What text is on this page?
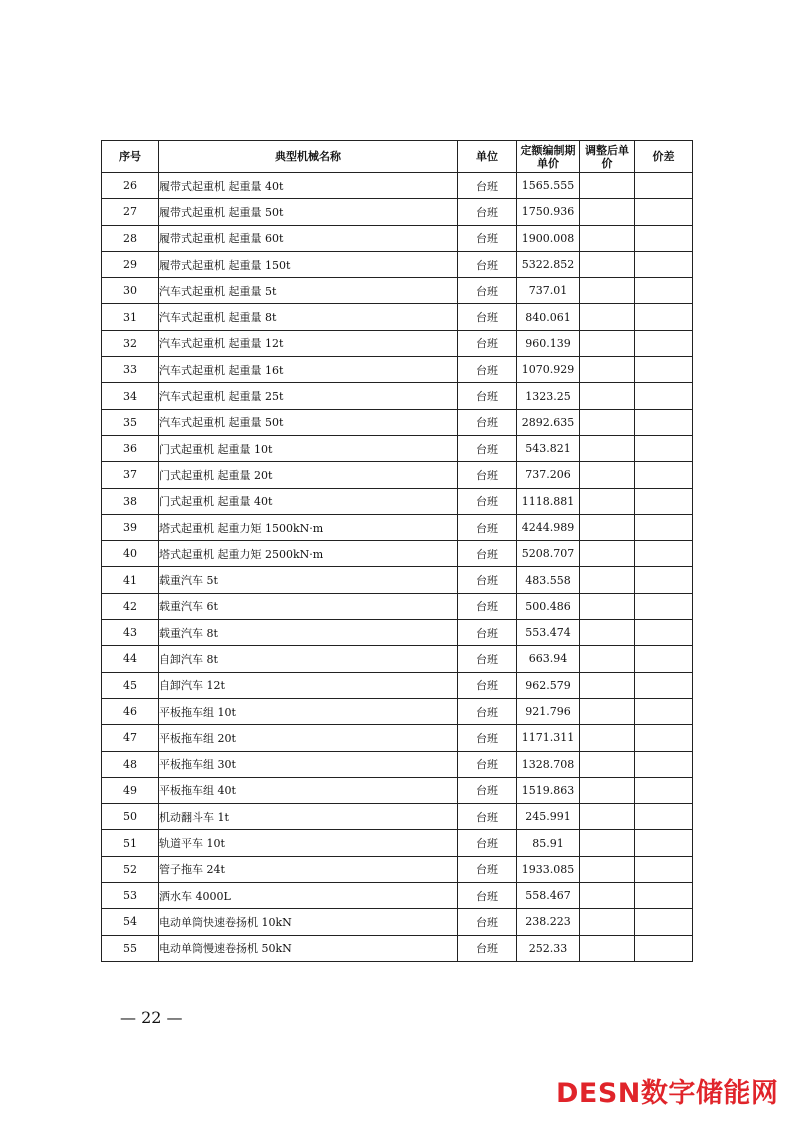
序号	典型机械名称	单位	定额编制期单价	调整后单价	价差
26	履带式起重机 起重量 40t	台班	1565.555		
27	履带式起重机 起重量 50t	台班	1750.936		
28	履带式起重机 起重量 60t	台班	1900.008		
29	履带式起重机 起重量 150t	台班	5322.852		
30	汽车式起重机 起重量 5t	台班	737.01		
31	汽车式起重机 起重量 8t	台班	840.061		
32	汽车式起重机 起重量 12t	台班	960.139		
33	汽车式起重机 起重量 16t	台班	1070.929		
34	汽车式起重机 起重量 25t	台班	1323.25		
35	汽车式起重机 起重量 50t	台班	2892.635		
36	门式起重机 起重量 10t	台班	543.821		
37	门式起重机 起重量 20t	台班	737.206		
38	门式起重机 起重量 40t	台班	1118.881		
39	塔式起重机 起重力矩 1500kN·m	台班	4244.989		
40	塔式起重机 起重力矩 2500kN·m	台班	5208.707		
41	载重汽车 5t	台班	483.558		
42	载重汽车 6t	台班	500.486		
43	载重汽车 8t	台班	553.474		
44	自卸汽车 8t	台班	663.94		
45	自卸汽车 12t	台班	962.579		
46	平板拖车组 10t	台班	921.796		
47	平板拖车组 20t	台班	1171.311		
48	平板拖车组 30t	台班	1328.708		
49	平板拖车组 40t	台班	1519.863		
50	机动翻斗车 1t	台班	245.991		
51	轨道平车 10t	台班	85.91		
52	管子拖车 24t	台班	1933.085		
53	洒水车 4000L	台班	558.467		
54	电动单筒快速卷扬机 10kN	台班	238.223		
55	电动单筒慢速卷扬机 50kN	台班	252.33		
— 22 —
DESN数字储能网
